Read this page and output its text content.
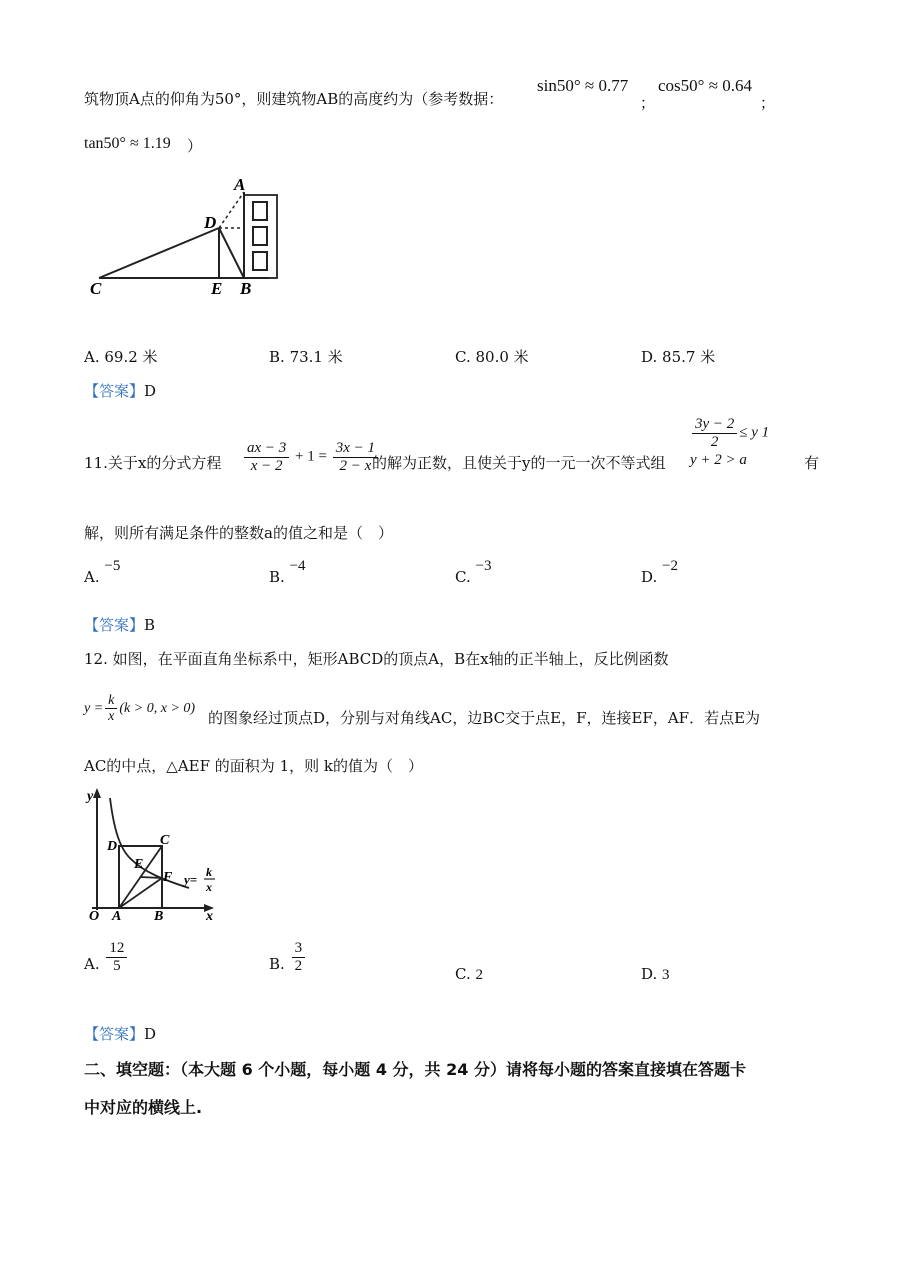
筑物顶A点的仰角为50°，则建筑物AB的高度约为（参考数据：
sin50° ≈ 0.77
；
cos50° ≈ 0.64
；
tan50° ≈ 1.19 ）
A
D
C	E B
A. 69.2 米	B. 73.1 米	C. 80.0 米	D. 85.7 米
【答案】D
11.关于x的分式方程 $\frac{ax - 3}{x - 2} + 1 = \frac{3x - 1}{2 - x}$
的解为正数，且使关于y的一元一次不等式组
$\frac{3y - 2}{2} \le y$ 1
y + 2 > a	有
解，则所有满足条件的整数a的值之和是（　）
A. −5
B. −4
C. −3
D. −2
【答案】B
12. 如图，在平面直角坐标系中，矩形ABCD的顶点A，B在x轴的正半轴上，反比例函数
$y = \frac{k}{x} (k > 0$, x > 0)
的图象经过顶点D，分别与对角线AC，边BC交于点E，F，连接EF，AF．若点E为
AC的中点，△AEF 的面积为 1，则 k的值为（　）
y
D	C
E
F
O A B	x
y= k
x
A. $\frac{12}{5}$	B. $\frac{3}{2}$	C. 2	D. 3
【答案】D
二、填空题：（本大题 6 个小题，每小题 4 分，共 24 分）请将每小题的答案直接填在答题卡
中对应的横线上.
